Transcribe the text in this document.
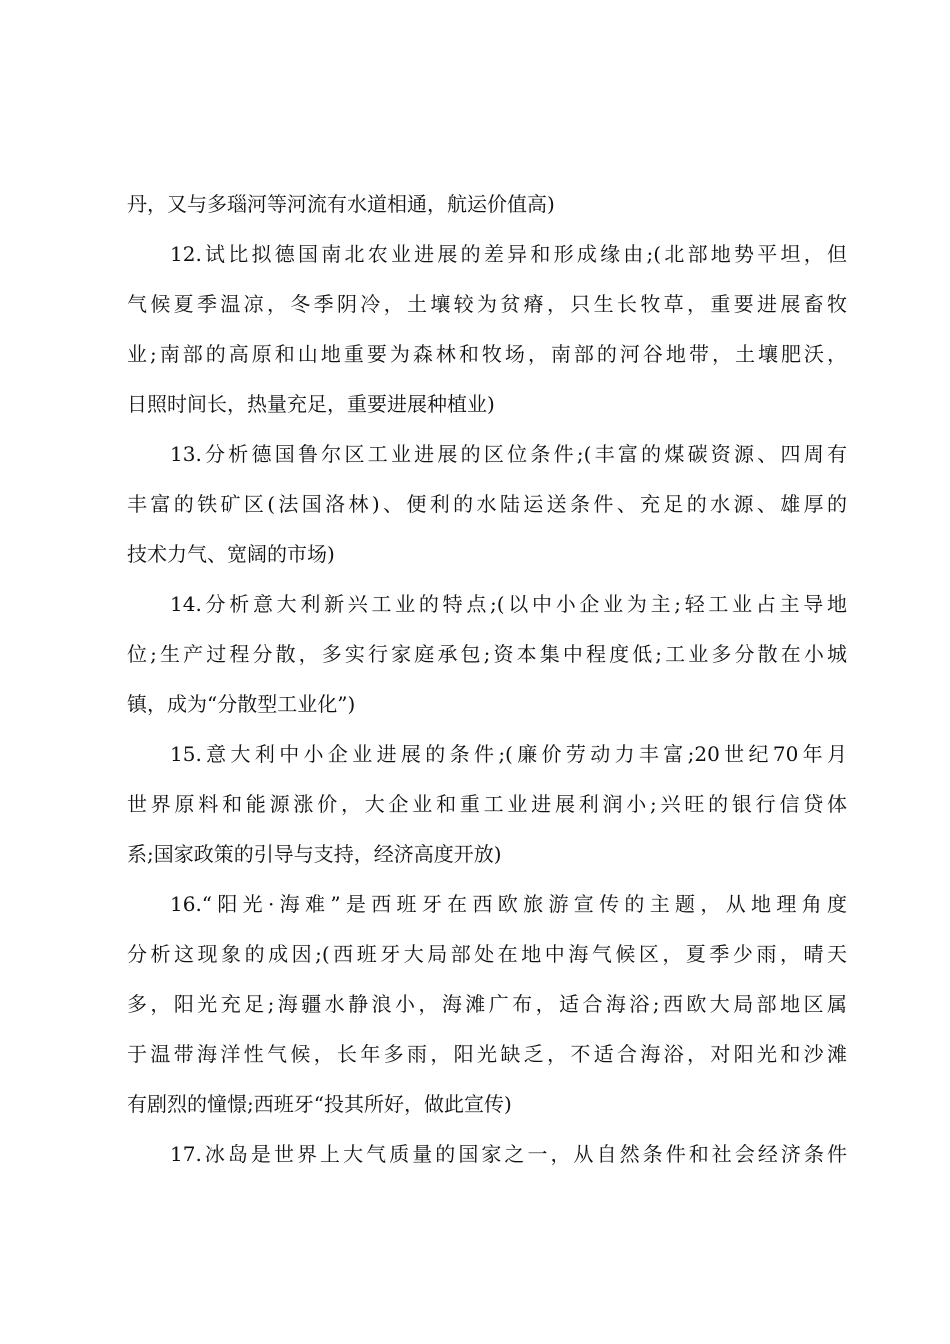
丹，又与多瑙河等河流有水道相通，航运价值高)
12.试比拟德国南北农业进展的差异和形成缘由;(北部地势平坦，但
气候夏季温凉，冬季阴冷，土壤较为贫瘠，只生长牧草，重要进展畜牧
业;南部的高原和山地重要为森林和牧场，南部的河谷地带，土壤肥沃，
日照时间长，热量充足，重要进展种植业)
13.分析德国鲁尔区工业进展的区位条件;(丰富的煤碳资源、四周有
丰富的铁矿区(法国洛林)、便利的水陆运送条件、充足的水源、雄厚的
技术力气、宽阔的市场)
14.分析意大利新兴工业的特点;(以中小企业为主;轻工业占主导地
位;生产过程分散，多实行家庭承包;资本集中程度低;工业多分散在小城
镇，成为“分散型工业化”)
15.意大利中小企业进展的条件;(廉价劳动力丰富;20世纪70年月
世界原料和能源涨价，大企业和重工业进展利润小;兴旺的银行信贷体
系;国家政策的引导与支持，经济高度开放)
16.“阳光·海难”是西班牙在西欧旅游宣传的主题，从地理角度
分析这现象的成因;(西班牙大局部处在地中海气候区，夏季少雨，晴天
多，阳光充足;海疆水静浪小，海滩广布，适合海浴;西欧大局部地区属
于温带海洋性气候，长年多雨，阳光缺乏，不适合海浴，对阳光和沙滩
有剧烈的憧憬;西班牙“投其所好，做此宣传)
17.冰岛是世界上大气质量的国家之一，从自然条件和社会经济条件
